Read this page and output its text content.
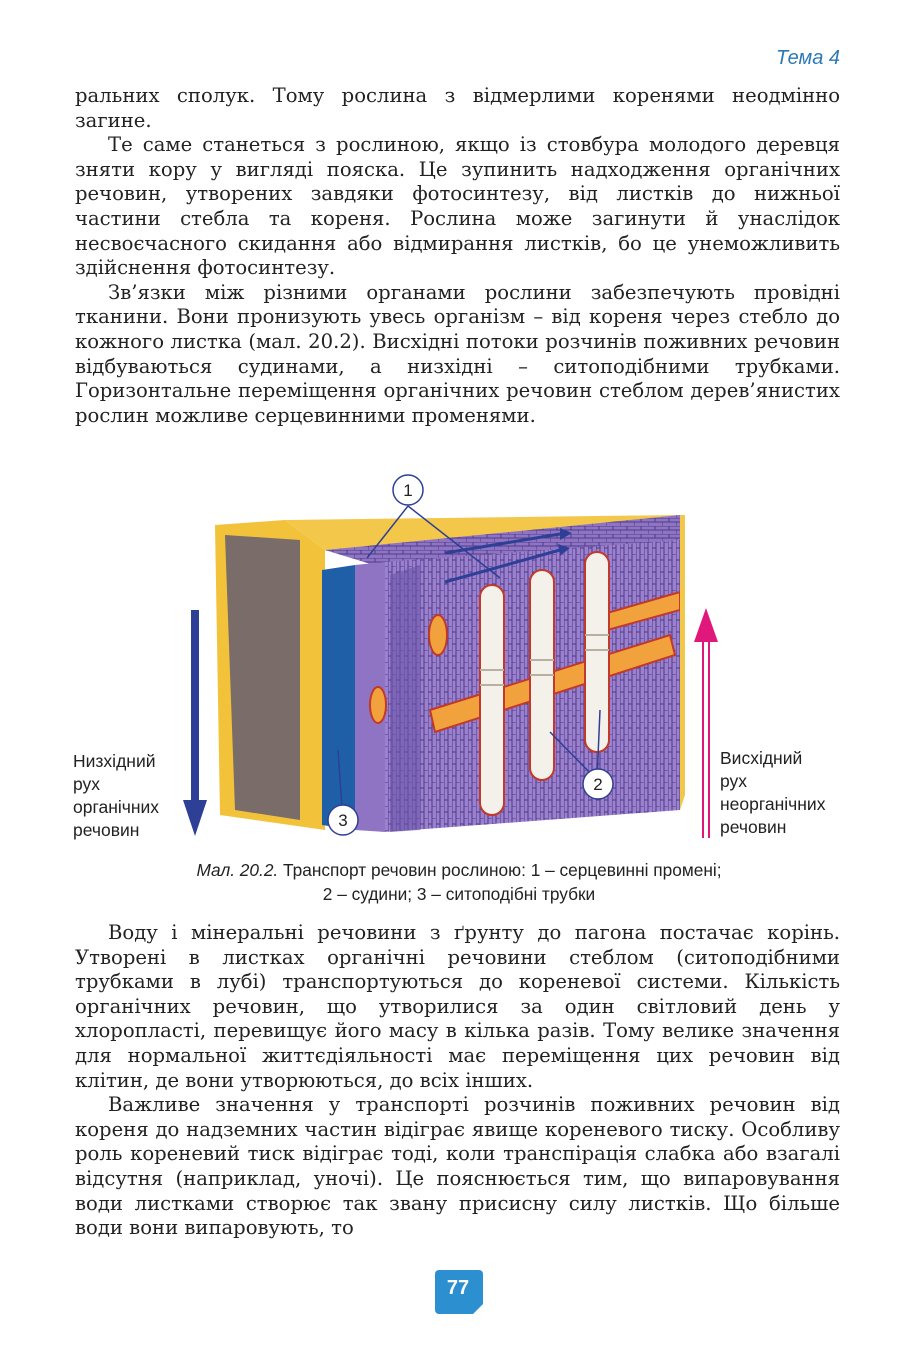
Тема 4

ральних сполук. Тому рослина з відмерлими коренями неодмінно загине.

Те саме станеться з рослиною, якщо із стовбура молодого деревця зняти кору у вигляді пояска. Це зупинить надходження органічних речовин, утворених завдяки фотосинтезу, від листків до нижньої частини стебла та кореня. Рослина може загинути й унаслідок несвоєчасного скидання або відмирання листків, бо це унеможливить здійснення фотосинтезу.

Зв’язки між різними органами рослини забезпечують провідні тканини. Вони пронизують увесь організм – від кореня через стебло до кожного листка (мал. 20.2). Висхідні потоки розчинів поживних речовин відбуваються судинами, а низхідні – ситоподібними трубками. Горизонтальне переміщення органічних речовин стеблом дерев’янистих рослин можливе серцевинними променями.

1
2
3
Низхідний
рух
органічних
речовин
Висхідний
рух
неорганічних
речовин
Мал. 20.2. Транспорт речовин рослиною: 1 – серцевинні промені;
2 – судини; 3 – ситоподібні трубки

Воду і мінеральні речовини з ґрунту до пагона постачає корінь. Утворені в листках органічні речовини стеблом (ситоподібними трубками в лубі) транспортуються до кореневої системи. Кількість органічних речовин, що утворилися за один світловий день у хлоропласті, перевищує його масу в кілька разів. Тому велике значення для нормальної життєдіяльності має переміщення цих речовин від клітин, де вони утворюються, до всіх інших.

Важливе значення у транспорті розчинів поживних речовин від кореня до надземних частин відіграє явище кореневого тиску. Особливу роль кореневий тиск відіграє тоді, коли транспірація слабка або взагалі відсутня (наприклад, уночі). Це пояснюється тим, що випаровування води листками створює так звану присисну силу листків. Що більше води вони випаровують, то

77
